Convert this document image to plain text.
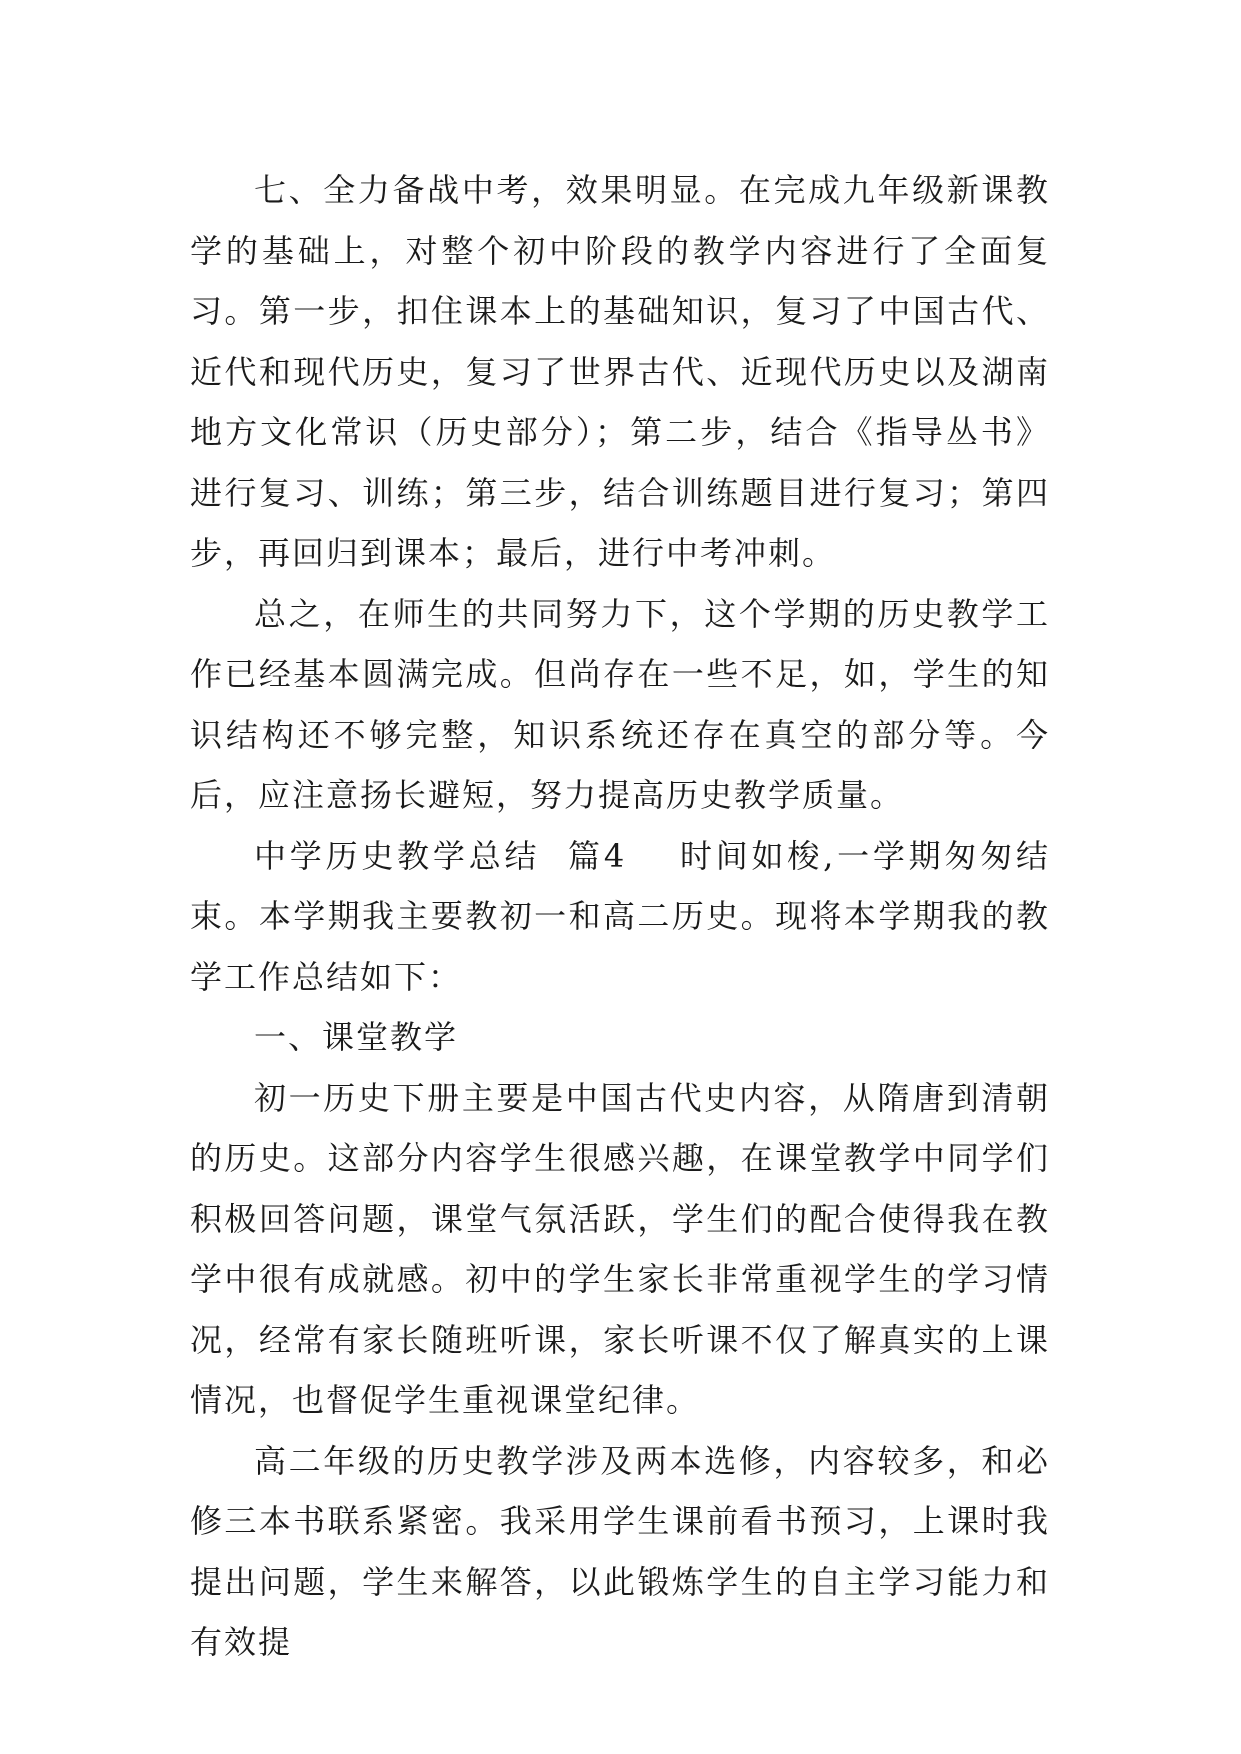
七、全力备战中考，效果明显。在完成九年级新课教学的基础上，对整个初中阶段的教学内容进行了全面复习。第一步，扣住课本上的基础知识，复习了中国古代、近代和现代历史，复习了世界古代、近现代历史以及湖南地方文化常识（历史部分）；第二步，结合《指导丛书》进行复习、训练；第三步，结合训练题目进行复习；第四步，再回归到课本；最后，进行中考冲刺。

总之，在师生的共同努力下，这个学期的历史教学工作已经基本圆满完成。但尚存在一些不足，如，学生的知识结构还不够完整，知识系统还存在真空的部分等。今后，应注意扬长避短，努力提高历史教学质量。

中学历史教学总结 篇4 时间如梭,一学期匆匆结束。本学期我主要教初一和高二历史。现将本学期我的教学工作总结如下：

一、课堂教学

初一历史下册主要是中国古代史内容，从隋唐到清朝的历史。这部分内容学生很感兴趣，在课堂教学中同学们积极回答问题，课堂气氛活跃，学生们的配合使得我在教学中很有成就感。初中的学生家长非常重视学生的学习情况，经常有家长随班听课，家长听课不仅了解真实的上课情况，也督促学生重视课堂纪律。

高二年级的历史教学涉及两本选修，内容较多，和必修三本书联系紧密。我采用学生课前看书预习，上课时我提出问题，学生来解答，以此锻炼学生的自主学习能力和有效提
